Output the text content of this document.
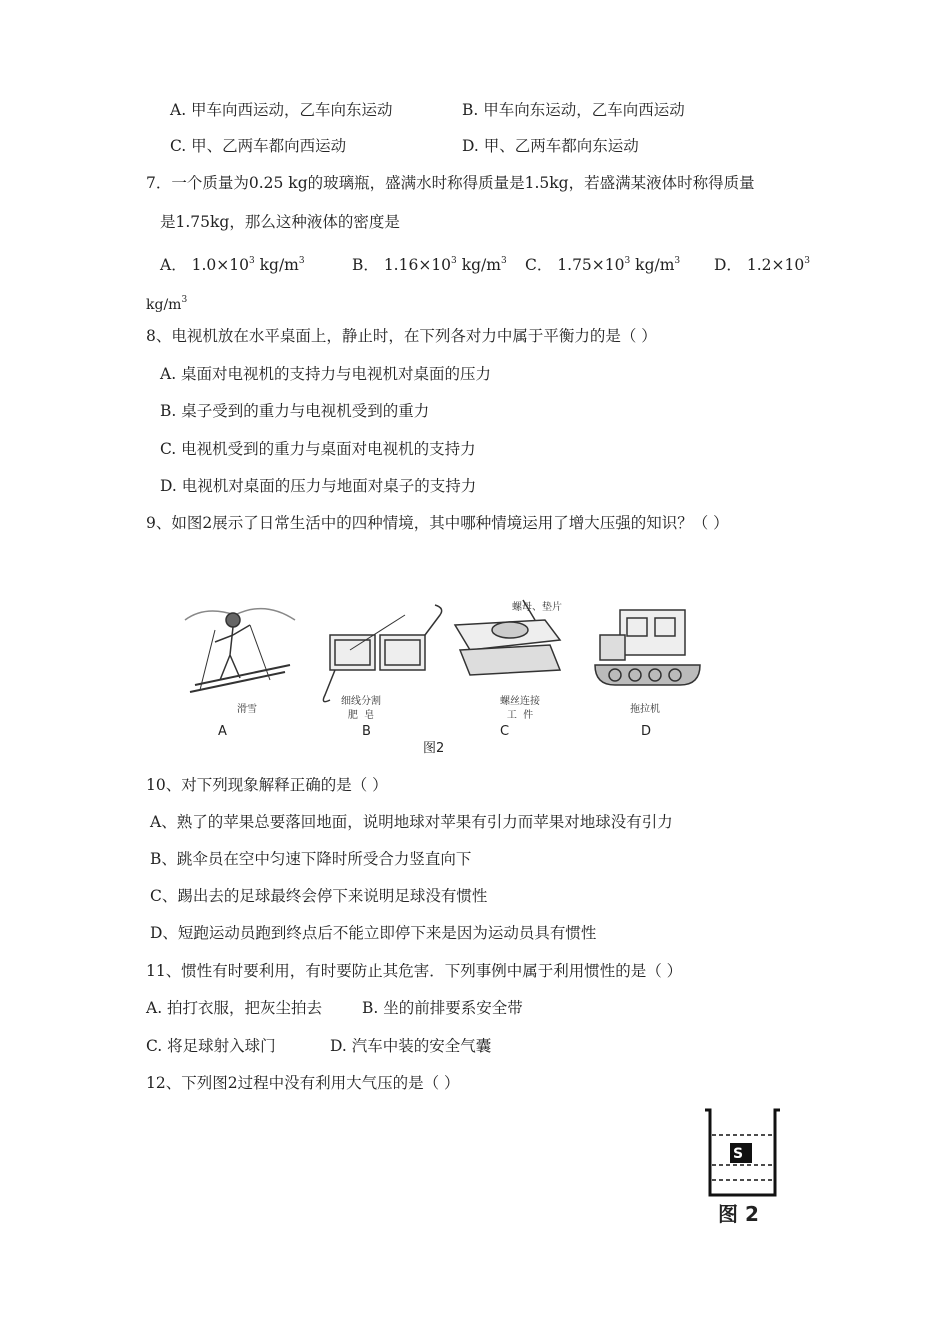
A. 甲车向西运动，乙车向东运动	B. 甲车向东运动，乙车向西运动
C. 甲、乙两车都向西运动	D. 甲、乙两车都向东运动
7．一个质量为0.25 kg的玻璃瓶，盛满水时称得质量是1.5kg，若盛满某液体时称得质量
是1.75kg，那么这种液体的密度是
A． $1.0\times 10^3$ $kg/m^3$	B． $1.16\times 10^3$ $kg/m^3$ C． $1.75\times 10^3$ $kg/m^3$ D． $1.2\times 10^3$
$kg/m^3$
8、电视机放在水平桌面上，静止时，在下列各对力中属于平衡力的是（ ）
A. 桌面对电视机的支持力与电视机对桌面的压力
B. 桌子受到的重力与电视机受到的重力
C. 电视机受到的重力与桌面对电视机的支持力
D. 电视机对桌面的压力与地面对桌子的支持力
9、如图2展示了日常生活中的四种情境，其中哪种情境运用了增大压强的知识？（ ）
滑雪
细线分割
肥  皂
螺丝连接
工  件
螺母、垫片
拖拉机
A	B	C	D
图2
10、对下列现象解释正确的是（ ）
A、熟了的苹果总要落回地面，说明地球对苹果有引力而苹果对地球没有引力
B、跳伞员在空中匀速下降时所受合力竖直向下
C、踢出去的足球最终会停下来说明足球没有惯性
D、短跑运动员跑到终点后不能立即停下来是因为运动员具有惯性
11、惯性有时要利用，有时要防止其危害．下列事例中属于利用惯性的是（ ）
A. 拍打衣服，把灰尘拍去	B. 坐的前排要系安全带
C. 将足球射入球门	D. 汽车中装的安全气囊
12、下列图2过程中没有利用大气压的是（ ）
S
图 2
